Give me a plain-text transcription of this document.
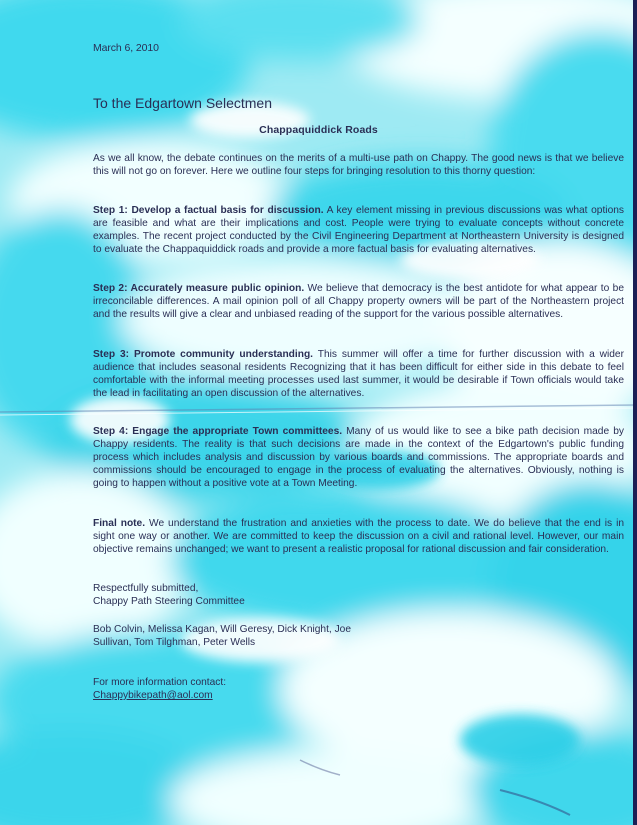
March 6, 2010
To the Edgartown Selectmen
Chappaquiddick Roads
As we all know, the debate continues on the merits of a multi-use path on Chappy. The good news is that we believe this will not go on forever. Here we outline four steps for bringing resolution to this thorny question:
Step 1: Develop a factual basis for discussion. A key element missing in previous discussions was what options are feasible and what are their implications and cost. People were trying to evaluate concepts without concrete examples. The recent project conducted by the Civil Engineering Department at Northeastern University is designed to evaluate the Chappaquiddick roads and provide a more factual basis for evaluating alternatives.
Step 2: Accurately measure public opinion. We believe that democracy is the best antidote for what appear to be irreconcilable differences. A mail opinion poll of all Chappy property owners will be part of the Northeastern project and the results will give a clear and unbiased reading of the support for the various possible alternatives.
Step 3: Promote community understanding. This summer will offer a time for further discussion with a wider audience that includes seasonal residents Recognizing that it has been difficult for either side in this debate to feel comfortable with the informal meeting processes used last summer, it would be desirable if Town officials would take the lead in facilitating an open discussion of the alternatives.
Step 4: Engage the appropriate Town committees. Many of us would like to see a bike path decision made by Chappy residents. The reality is that such decisions are made in the context of the Edgartown's public funding process which includes analysis and discussion by various boards and commissions. The appropriate boards and commissions should be encouraged to engage in the process of evaluating the alternatives. Obviously, nothing is going to happen without a positive vote at a Town Meeting.
Final note. We understand the frustration and anxieties with the process to date. We do believe that the end is in sight one way or another. We are committed to keep the discussion on a civil and rational level. However, our main objective remains unchanged; we want to present a realistic proposal for rational discussion and fair consideration.
Respectfully submitted,
Chappy Path Steering Committee
Bob Colvin, Melissa Kagan, Will Geresy, Dick Knight, Joe Sullivan, Tom Tilghman, Peter Wells
For more information contact:
Chappybikepath@aol.com
